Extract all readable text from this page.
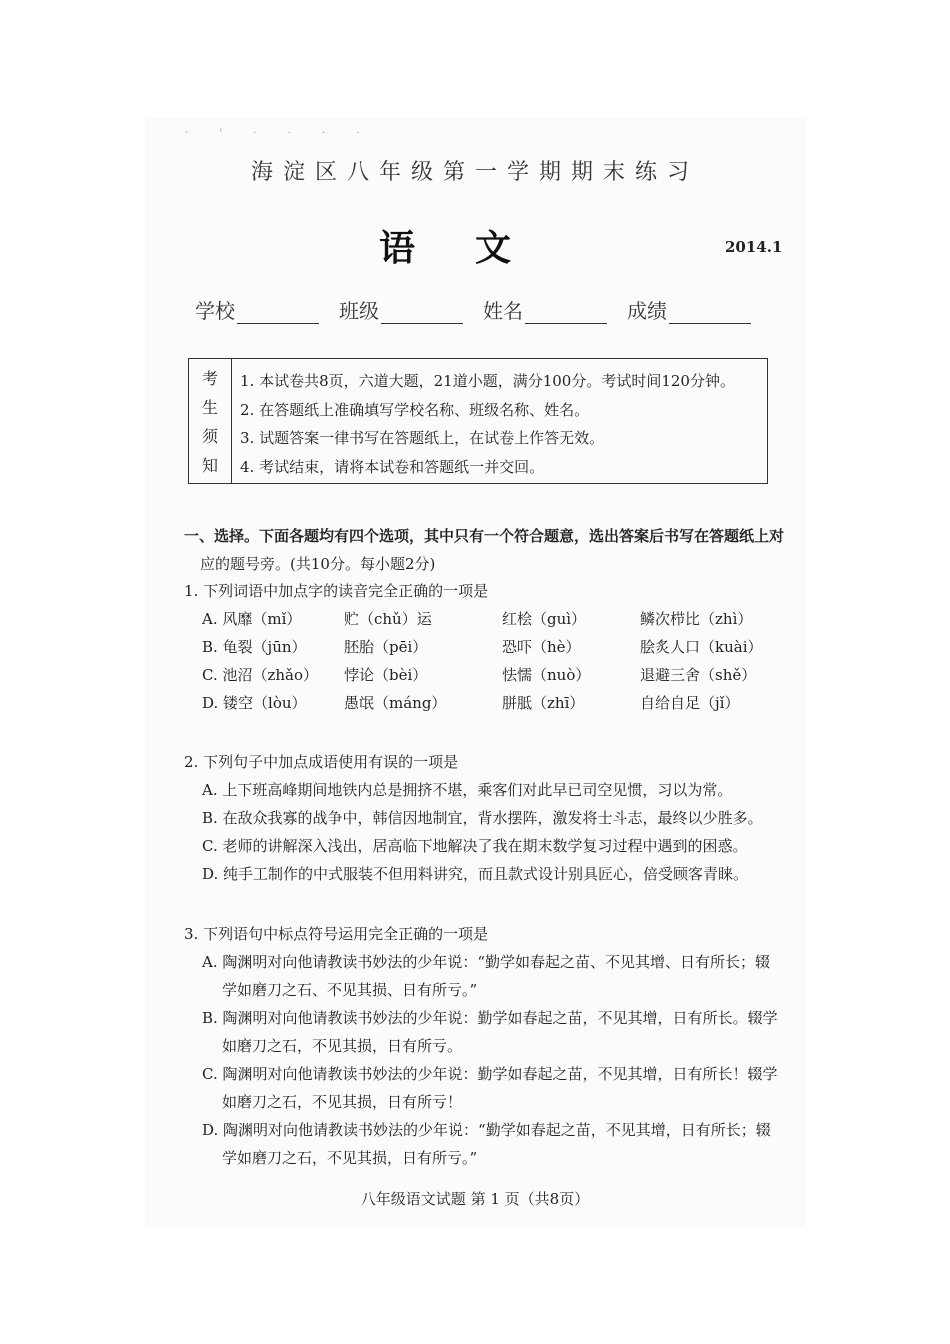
· ' · · · ·
海淀区八年级第一学期期末练习
语文	2014.1
学校	班级	姓名	成绩
考
生
须
知
1. 本试卷共8页，六道大题，21道小题，满分100分。考试时间120分钟。
2. 在答题纸上准确填写学校名称、班级名称、姓名。
3. 试题答案一律书写在答题纸上，在试卷上作答无效。
4. 考试结束，请将本试卷和答题纸一并交回。
一、选择。下面各题均有四个选项，其中只有一个符合题意，选出答案后书写在答题纸上对
应的题号旁。(共10分。每小题2分)
1. 下列词语中加点字的读音完全正确的一项是
A. 风靡（mǐ）	贮（chǔ）运	红桧（guì）	鳞次栉比（zhì）
B. 龟裂（jūn）	胚胎（pēi）	恐吓（hè）	脍炙人口（kuài）
C. 池沼（zhǎo）	悖论（bèi）	怯懦（nuò）	退避三舍（shě）
D. 镂空（lòu）	愚氓（máng）	胼胝（zhī）	自给自足（jǐ）
2. 下列句子中加点成语使用有误的一项是
A. 上下班高峰期间地铁内总是拥挤不堪，乘客们对此早已司空见惯，习以为常。
B. 在敌众我寡的战争中，韩信因地制宜，背水摆阵，激发将士斗志，最终以少胜多。
C. 老师的讲解深入浅出，居高临下地解决了我在期末数学复习过程中遇到的困惑。
D. 纯手工制作的中式服装不但用料讲究，而且款式设计别具匠心，倍受顾客青睐。
3. 下列语句中标点符号运用完全正确的一项是
A. 陶渊明对向他请教读书妙法的少年说：“勤学如春起之苗、不见其增、日有所长；辍
学如磨刀之石、不见其损、日有所亏。”
B. 陶渊明对向他请教读书妙法的少年说：勤学如春起之苗，不见其增，日有所长。辍学
如磨刀之石，不见其损，日有所亏。
C. 陶渊明对向他请教读书妙法的少年说：勤学如春起之苗，不见其增，日有所长！辍学
如磨刀之石，不见其损，日有所亏！
D. 陶渊明对向他请教读书妙法的少年说：“勤学如春起之苗，不见其增，日有所长；辍
学如磨刀之石，不见其损，日有所亏。”
八年级语文试题 第 1 页（共8页）
